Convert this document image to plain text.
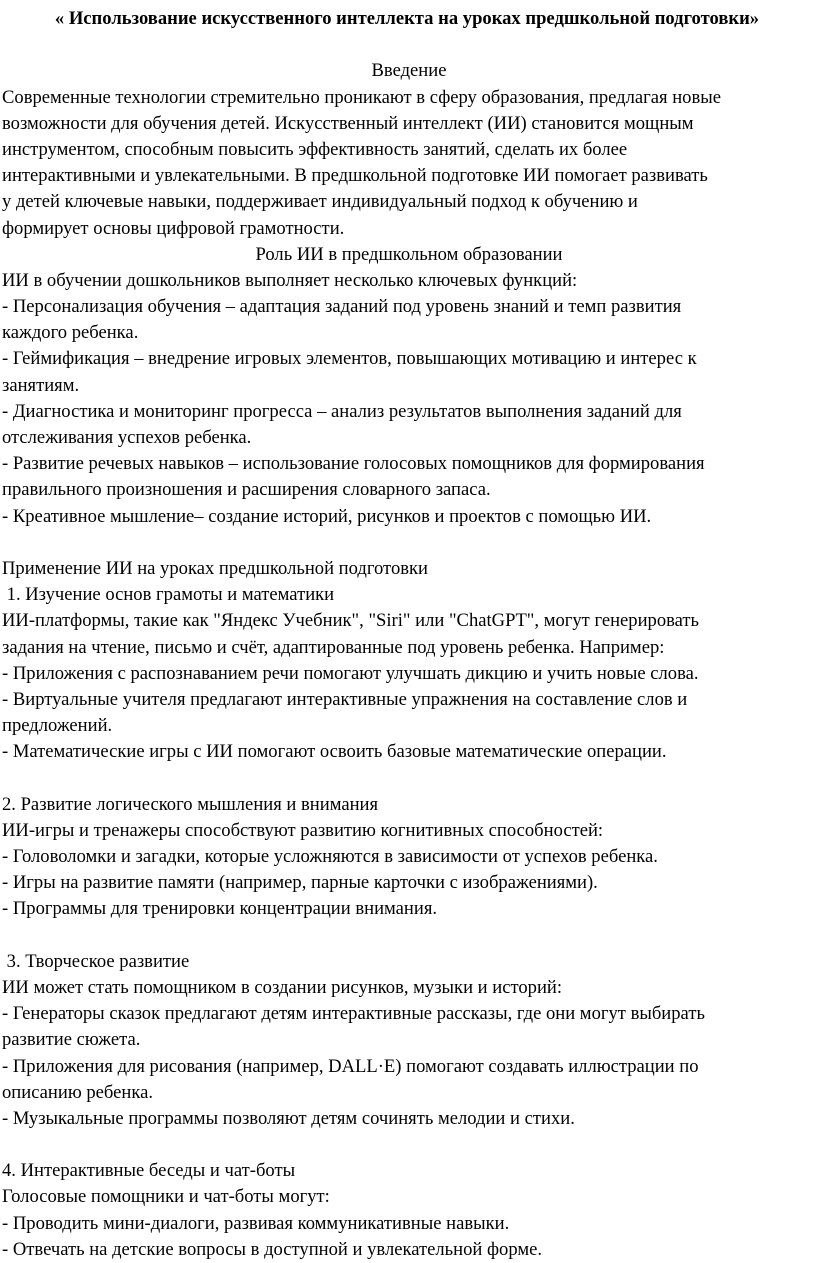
« Использование искусственного интеллекта на уроках предшкольной подготовки»
Введение
Современные технологии стремительно проникают в сферу образования, предлагая новые
возможности для обучения детей. Искусственный интеллект (ИИ) становится мощным
инструментом, способным повысить эффективность занятий, сделать их более
интерактивными и увлекательными. В предшкольной подготовке ИИ помогает развивать
у детей ключевые навыки, поддерживает индивидуальный подход к обучению и
формирует основы цифровой грамотности.
Роль ИИ в предшкольном образовании
ИИ в обучении дошкольников выполняет несколько ключевых функций:
- Персонализация обучения – адаптация заданий под уровень знаний и темп развития
каждого ребенка.
- Геймификация – внедрение игровых элементов, повышающих мотивацию и интерес к
занятиям.
- Диагностика и мониторинг прогресса – анализ результатов выполнения заданий для
отслеживания успехов ребенка.
- Развитие речевых навыков – использование голосовых помощников для формирования
правильного произношения и расширения словарного запаса.
- Креативное мышление– создание историй, рисунков и проектов с помощью ИИ.
Применение ИИ на уроках предшкольной подготовки
1. Изучение основ грамоты и математики
ИИ-платформы, такие как "Яндекс Учебник", "Siri" или "ChatGPT", могут генерировать
задания на чтение, письмо и счёт, адаптированные под уровень ребенка. Например:
- Приложения с распознаванием речи помогают улучшать дикцию и учить новые слова.
- Виртуальные учителя предлагают интерактивные упражнения на составление слов и
предложений.
- Математические игры с ИИ помогают освоить базовые математические операции.
2. Развитие логического мышления и внимания
ИИ-игры и тренажеры способствуют развитию когнитивных способностей:
- Головоломки и загадки, которые усложняются в зависимости от успехов ребенка.
- Игры на развитие памяти (например, парные карточки с изображениями).
- Программы для тренировки концентрации внимания.
3. Творческое развитие
ИИ может стать помощником в создании рисунков, музыки и историй:
- Генераторы сказок предлагают детям интерактивные рассказы, где они могут выбирать
развитие сюжета.
- Приложения для рисования (например, DALL·E) помогают создавать иллюстрации по
описанию ребенка.
- Музыкальные программы позволяют детям сочинять мелодии и стихи.
4. Интерактивные беседы и чат-боты
Голосовые помощники и чат-боты могут:
- Проводить мини-диалоги, развивая коммуникативные навыки.
- Отвечать на детские вопросы в доступной и увлекательной форме.
